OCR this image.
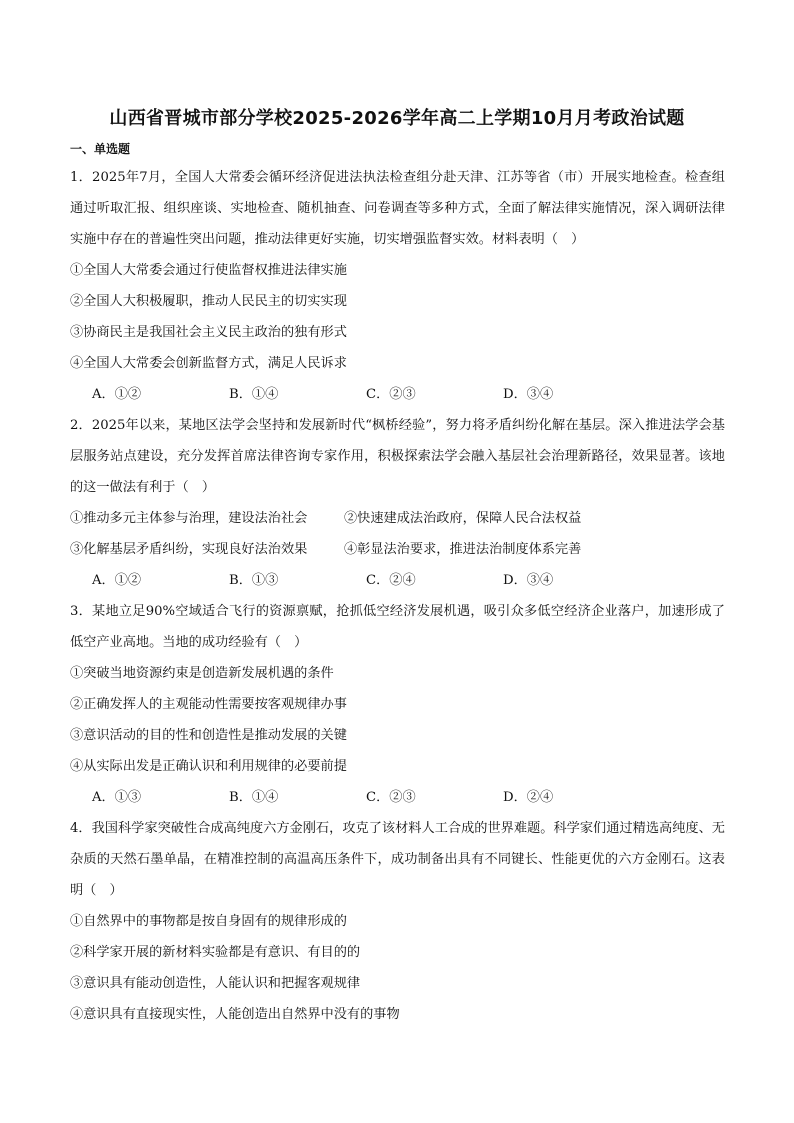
山西省晋城市部分学校2025-2026学年高二上学期10月月考政治试题
一、单选题
1．2025年7月，全国人大常委会循环经济促进法执法检查组分赴天津、江苏等省（市）开展实地检查。检查组通过听取汇报、组织座谈、实地检查、随机抽查、问卷调查等多种方式，全面了解法律实施情况，深入调研法律实施中存在的普遍性突出问题，推动法律更好实施，切实增强监督实效。材料表明（　）
①全国人大常委会通过行使监督权推进法律实施
②全国人大积极履职，推动人民民主的切实实现
③协商民主是我国社会主义民主政治的独有形式
④全国人大常委会创新监督方式，满足人民诉求
A．①②	B．①④	C．②③	D．③④
2．2025年以来，某地区法学会坚持和发展新时代“枫桥经验”，努力将矛盾纠纷化解在基层。深入推进法学会基层服务站点建设，充分发挥首席法律咨询专家作用，积极探索法学会融入基层社会治理新路径，效果显著。该地的这一做法有利于（　）
①推动多元主体参与治理，建设法治社会	②快速建成法治政府，保障人民合法权益
③化解基层矛盾纠纷，实现良好法治效果	④彰显法治要求，推进法治制度体系完善
A．①②	B．①③	C．②④	D．③④
3．某地立足90%空域适合飞行的资源禀赋，抢抓低空经济发展机遇，吸引众多低空经济企业落户，加速形成了低空产业高地。当地的成功经验有（　）
①突破当地资源约束是创造新发展机遇的条件
②正确发挥人的主观能动性需要按客观规律办事
③意识活动的目的性和创造性是推动发展的关键
④从实际出发是正确认识和利用规律的必要前提
A．①③	B．①④	C．②③	D．②④
4．我国科学家突破性合成高纯度六方金刚石，攻克了该材料人工合成的世界难题。科学家们通过精选高纯度、无杂质的天然石墨单晶，在精准控制的高温高压条件下，成功制备出具有不同键长、性能更优的六方金刚石。这表明（　）
①自然界中的事物都是按自身固有的规律形成的
②科学家开展的新材料实验都是有意识、有目的的
③意识具有能动创造性，人能认识和把握客观规律
④意识具有直接现实性，人能创造出自然界中没有的事物
